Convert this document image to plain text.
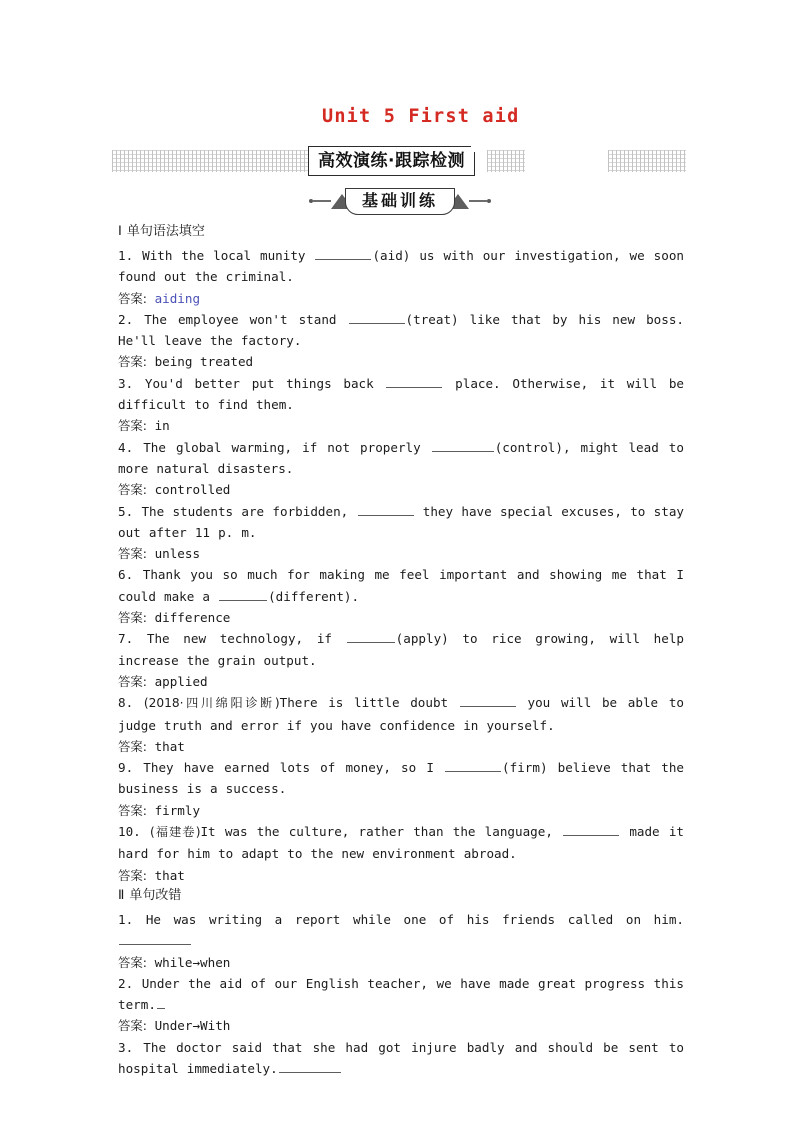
Unit 5 First aid
高效演练·跟踪检测
基础训练
Ⅰ 单句语法填空

1. With the local munity	(aid) us with our investigation, we soon found out the criminal.

答案: aiding

2. The employee won't stand	(treat) like that by his new boss. He'll leave the factory.

答案: being treated

3. You'd better put things back	place. Otherwise, it will be difficult to find them.

答案: in

4. The global warming, if not properly	(control), might lead to more natural disasters.

答案: controlled

5. The students are forbidden,	they have special excuses, to stay out after 11 p. m.

答案: unless

6. Thank you so much for making me feel important and showing me that I could make a	(different).

答案: difference

7. The new technology, if	(apply) to rice growing, will help increase the grain output.

答案: applied

8. (2018·四川绵阳诊断)There is little doubt	you will be able to judge truth and error if you have confidence in yourself.

答案: that

9. They have earned lots of money, so I	(firm) believe that the business is a success.

答案: firmly

10. (福建卷)It was the culture, rather than the language,	made it hard for him to adapt to the new environment abroad.

答案: that

Ⅱ 单句改错

1. He was writing a report while one of his friends called on him.

答案: while→when

2. Under the aid of our English teacher, we have made great progress this term.

答案: Under→With

3. The doctor said that she had got injure badly and should be sent to hospital immediately.
